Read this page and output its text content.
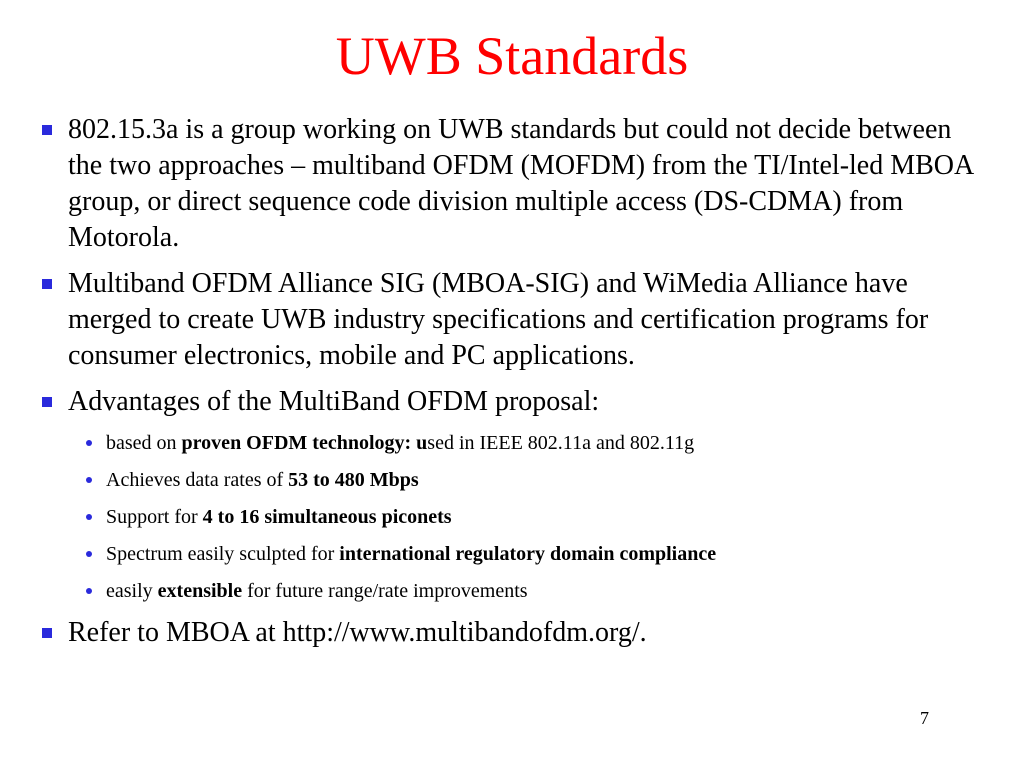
UWB Standards
802.15.3a is a group working on UWB standards but could not decide between the two approaches – multiband OFDM (MOFDM) from the TI/Intel-led MBOA group, or direct sequence code division multiple access (DS-CDMA) from Motorola.
Multiband OFDM Alliance SIG (MBOA-SIG) and WiMedia Alliance have merged to create UWB industry specifications and certification programs for consumer electronics, mobile and PC applications.
Advantages of the MultiBand OFDM proposal:
based on proven OFDM technology: used in IEEE 802.11a and 802.11g
Achieves data rates of 53 to 480 Mbps
Support for 4 to 16 simultaneous piconets
Spectrum easily sculpted for international regulatory domain compliance
easily extensible for future range/rate improvements
Refer to MBOA at http://www.multibandofdm.org/.
7
